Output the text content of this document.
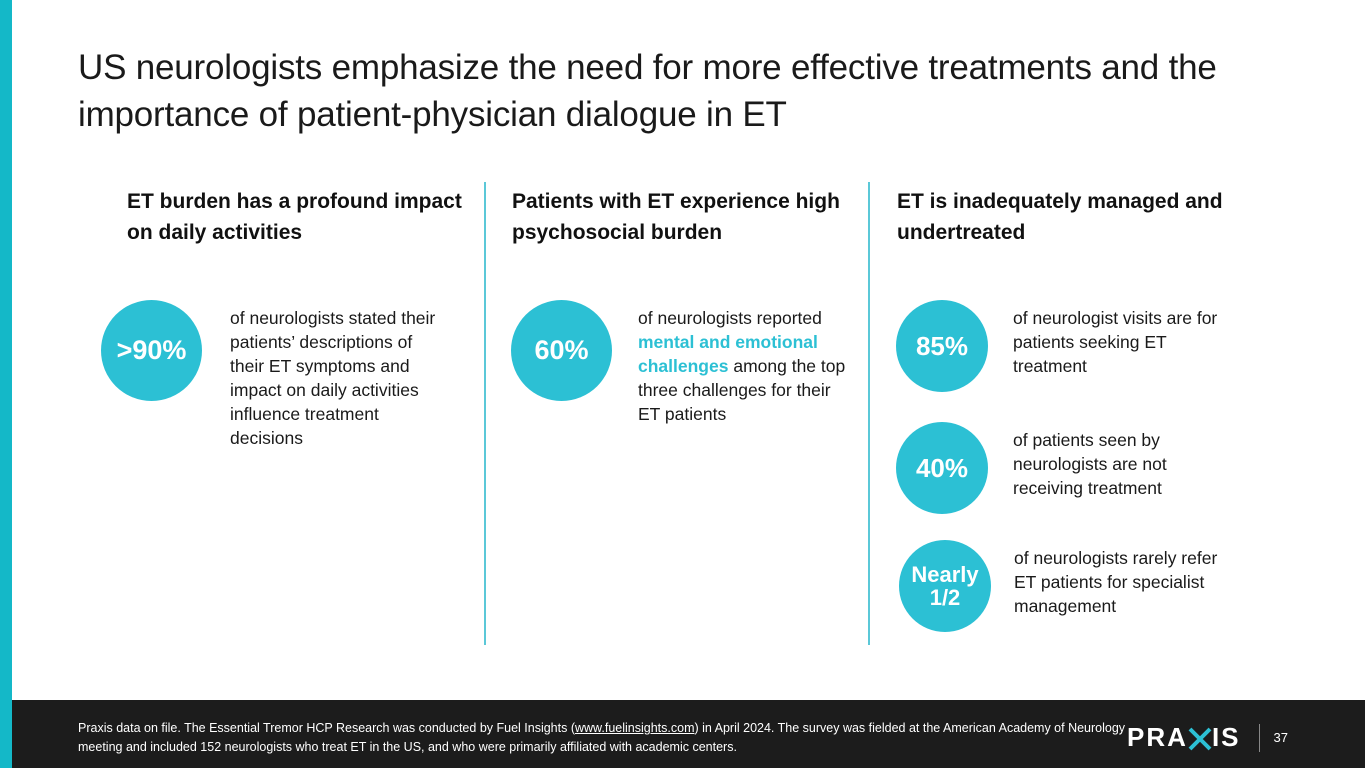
US neurologists emphasize the need for more effective treatments and the importance of patient-physician dialogue in ET
ET burden has a profound impact on daily activities
Patients with ET experience high psychosocial burden
ET is inadequately managed and undertreated
>90%
of neurologists stated their patients’ descriptions of their ET symptoms and impact on daily activities influence treatment decisions
60%
of neurologists reported mental and emotional challenges among the top three challenges for their ET patients
85%
of neurologist visits are for patients seeking ET treatment
40%
of patients seen by neurologists are not receiving treatment
Nearly
1/2
of neurologists rarely refer ET patients for specialist management
Praxis data on file. The Essential Tremor HCP Research was conducted by Fuel Insights (www.fuelinsights.com) in April 2024. The survey was fielded at the American Academy of Neurology meeting and included 152 neurologists who treat ET in the US, and who were primarily affiliated with academic centers.	PRA IS	37
